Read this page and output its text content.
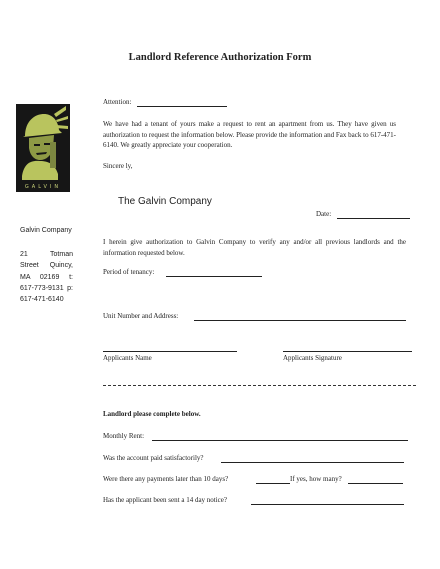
Landlord Reference Authorization Form
GALVIN
Galvin Company
21 Totman Street Quincy, MA 02169 t: 617-773-9131 p: 617-471-6140
Attention:
We have had a tenant of yours make a request to rent an apartment from us. They have given us authorization to request the information below. Please provide the information and Fax back to 617-471-6140. We greatly appreciate your cooperation.
Sincere ly,
The Galvin Company
Date:
I herein give authorization to Galvin Company to verify any and/or all previous landlords and the information requested below.
Period of tenancy:
Unit Number and Address:
Applicants Name	Applicants Signature
Landlord please complete below.
Monthly Rent:
Was the account paid satisfactorily?
Were there any payments later than 10 days?	If yes, how many?
Has the applicant been sent a 14 day notice?
